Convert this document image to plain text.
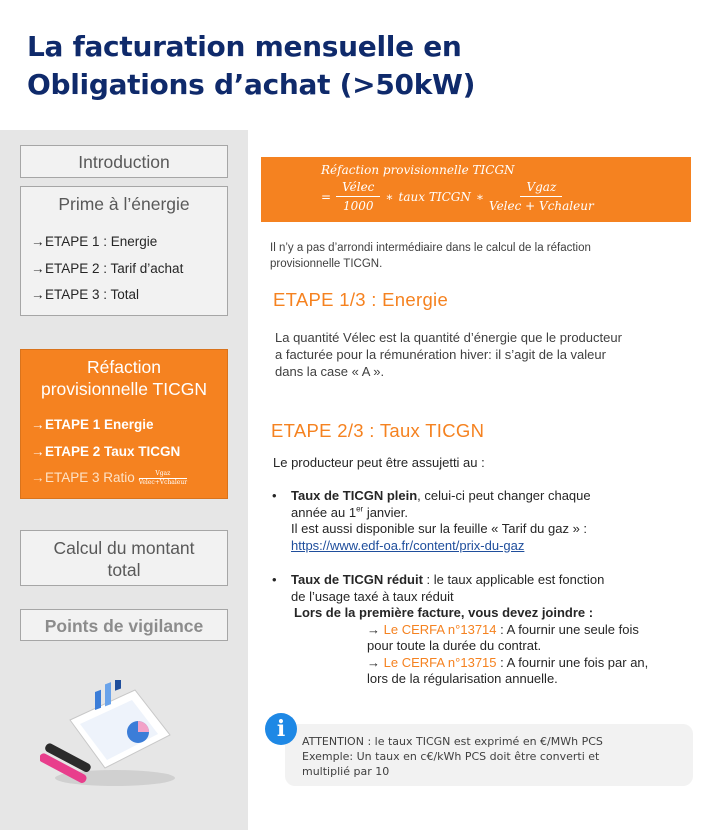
La facturation mensuelle en
Obligations d’achat (>50kW)
Introduction
Prime à l’énergie
→ETAPE 1 : Energie
→ETAPE 2 : Tarif d’achat
→ETAPE 3 : Total
Réfaction
provisionnelle TICGN
→ETAPE 1 Energie
→ETAPE 2 Taux TICGN
→ETAPE 3 Ratio $\frac{\text{Vgaz}}{\text{Velec+Vchaleur}}$
Calcul du montant
total
Points de vigilance
Réfaction provisionnelle TICGN
=
Vélec
1000
∗ taux TICGN ∗
Vgaz
Velec + Vchaleur

Il n’y a pas d’arrondi intermédiaire dans le calcul de la réfaction
provisionnelle TICGN.

ETAPE 1/3 : Energie

La quantité Vélec est la quantité d’énergie que le producteur
a facturée pour la rémunération hiver: il s’agit de la valeur
dans la case « A ».

ETAPE 2/3 : Taux TICGN

Le producteur peut être assujetti au :

• Taux de TICGN plein, celui-ci peut changer chaque
année au 1er janvier.
Il est aussi disponible sur la feuille « Tarif du gaz » :
https://www.edf-oa.fr/content/prix-du-gaz
• Taux de TICGN réduit : le taux applicable est fonction
de l’usage taxé à taux réduit
Lors de la première facture, vous devez joindre :

→ Le CERFA n°13714 : A fournir une seule fois
pour toute la durée du contrat.
→ Le CERFA n°13715 : A fournir une fois par an,
lors de la régularisation annuelle.
ATTENTION : le taux TICGN est exprimé en €/MWh PCS
Exemple: Un taux en c€/kWh PCS doit être converti et
multiplié par 10
i
